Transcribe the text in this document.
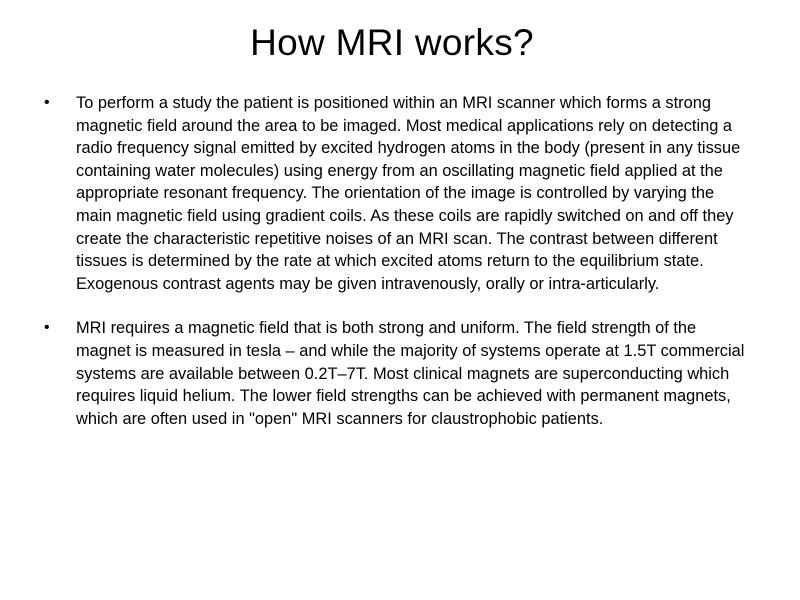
How MRI works?
• To perform a study the patient is positioned within an MRI scanner which forms a strong magnetic field around the area to be imaged. Most medical applications rely on detecting a radio frequency signal emitted by excited hydrogen atoms in the body (present in any tissue containing water molecules) using energy from an oscillating magnetic field applied at the appropriate resonant frequency. The orientation of the image is controlled by varying the main magnetic field using gradient coils. As these coils are rapidly switched on and off they create the characteristic repetitive noises of an MRI scan. The contrast between different tissues is determined by the rate at which excited atoms return to the equilibrium state. Exogenous contrast agents may be given intravenously, orally or intra-articularly.
• MRI requires a magnetic field that is both strong and uniform. The field strength of the magnet is measured in tesla – and while the majority of systems operate at 1.5T commercial systems are available between 0.2T–7T. Most clinical magnets are superconducting which requires liquid helium. The lower field strengths can be achieved with permanent magnets, which are often used in "open" MRI scanners for claustrophobic patients.
